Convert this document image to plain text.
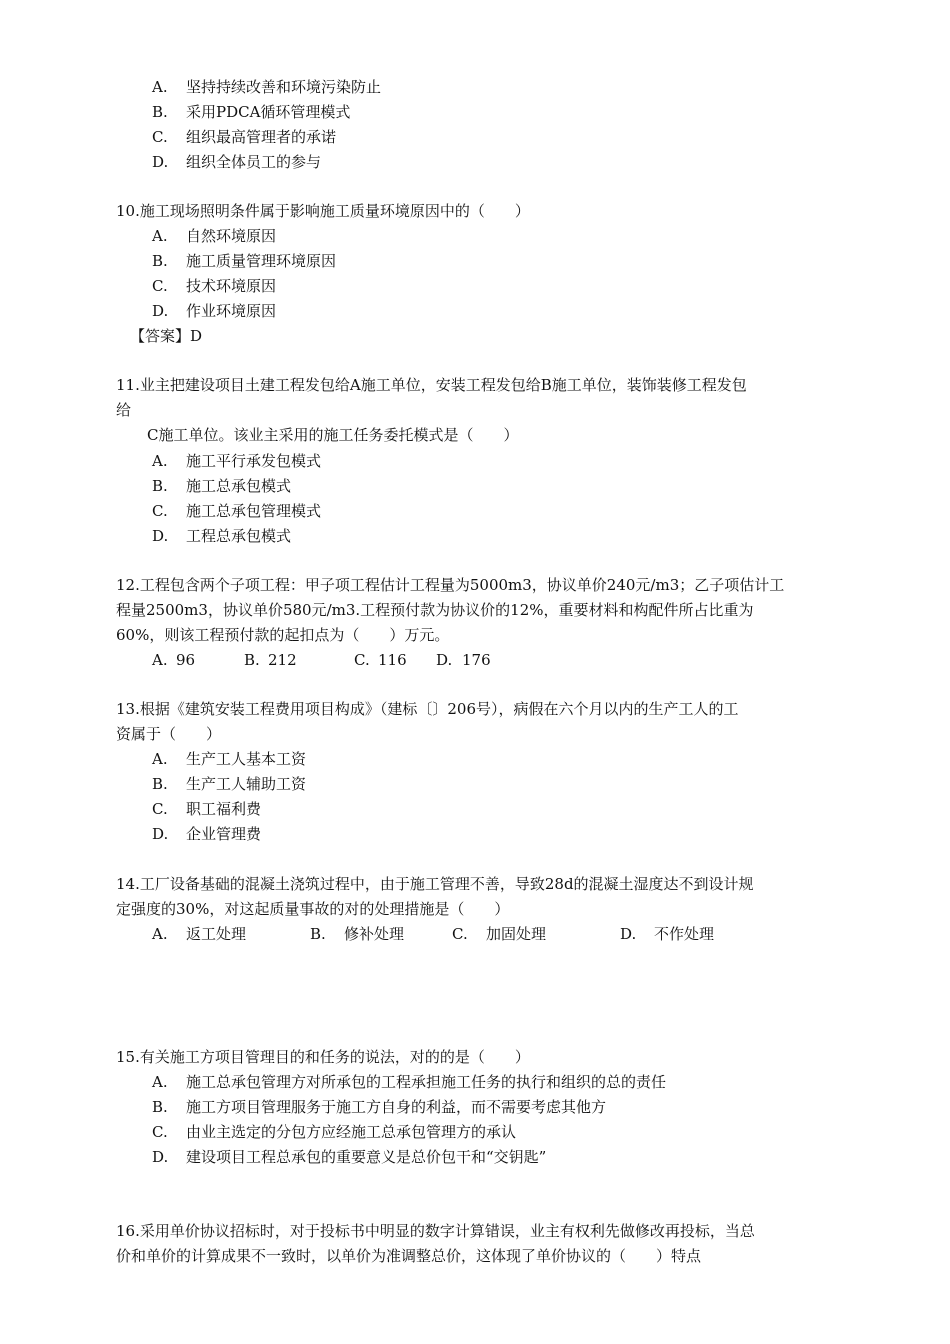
A. 坚持持续改善和环境污染防止
B. 采用PDCA循环管理模式
C. 组织最高管理者的承诺
D. 组织全体员工的参与
10.施工现场照明条件属于影响施工质量环境原因中的（　　）
A. 自然环境原因
B. 施工质量管理环境原因
C. 技术环境原因
D. 作业环境原因
【答案】D
11.业主把建设项目土建工程发包给A施工单位，安装工程发包给B施工单位，装饰装修工程发包
给
C施工单位。该业主采用的施工任务委托模式是（　　）
A. 施工平行承发包模式
B. 施工总承包模式
C. 施工总承包管理模式
D. 工程总承包模式
12.工程包含两个子项工程：甲子项工程估计工程量为5000m3，协议单价240元/m3；乙子项估计工
程量2500m3，协议单价580元/m3.工程预付款为协议价的12%，重要材料和构配件所占比重为
60%，则该工程预付款的起扣点为（　　）万元。
A. 96	B. 212	C. 116 D. 176
13.根据《建筑安装工程费用项目构成》（建标〔〕206号），病假在六个月以内的生产工人的工
资属于（　　）
A. 生产工人基本工资
B. 生产工人辅助工资
C. 职工福利费
D. 企业管理费
14.工厂设备基础的混凝土浇筑过程中，由于施工管理不善，导致28d的混凝土湿度达不到设计规
定强度的30%，对这起质量事故的对的处理措施是（　　）
A. 返工处理	B. 修补处理	C. 加固处理	D. 不作处理
15.有关施工方项目管理目的和任务的说法，对的的是（　　）
A. 施工总承包管理方对所承包的工程承担施工任务的执行和组织的总的责任
B. 施工方项目管理服务于施工方自身的利益，而不需要考虑其他方
C. 由业主选定的分包方应经施工总承包管理方的承认
D. 建设项目工程总承包的重要意义是总价包干和“交钥匙”
16.采用单价协议招标时，对于投标书中明显的数字计算错误，业主有权利先做修改再投标，当总
价和单价的计算成果不一致时，以单价为准调整总价，这体现了单价协议的（　　）特点
